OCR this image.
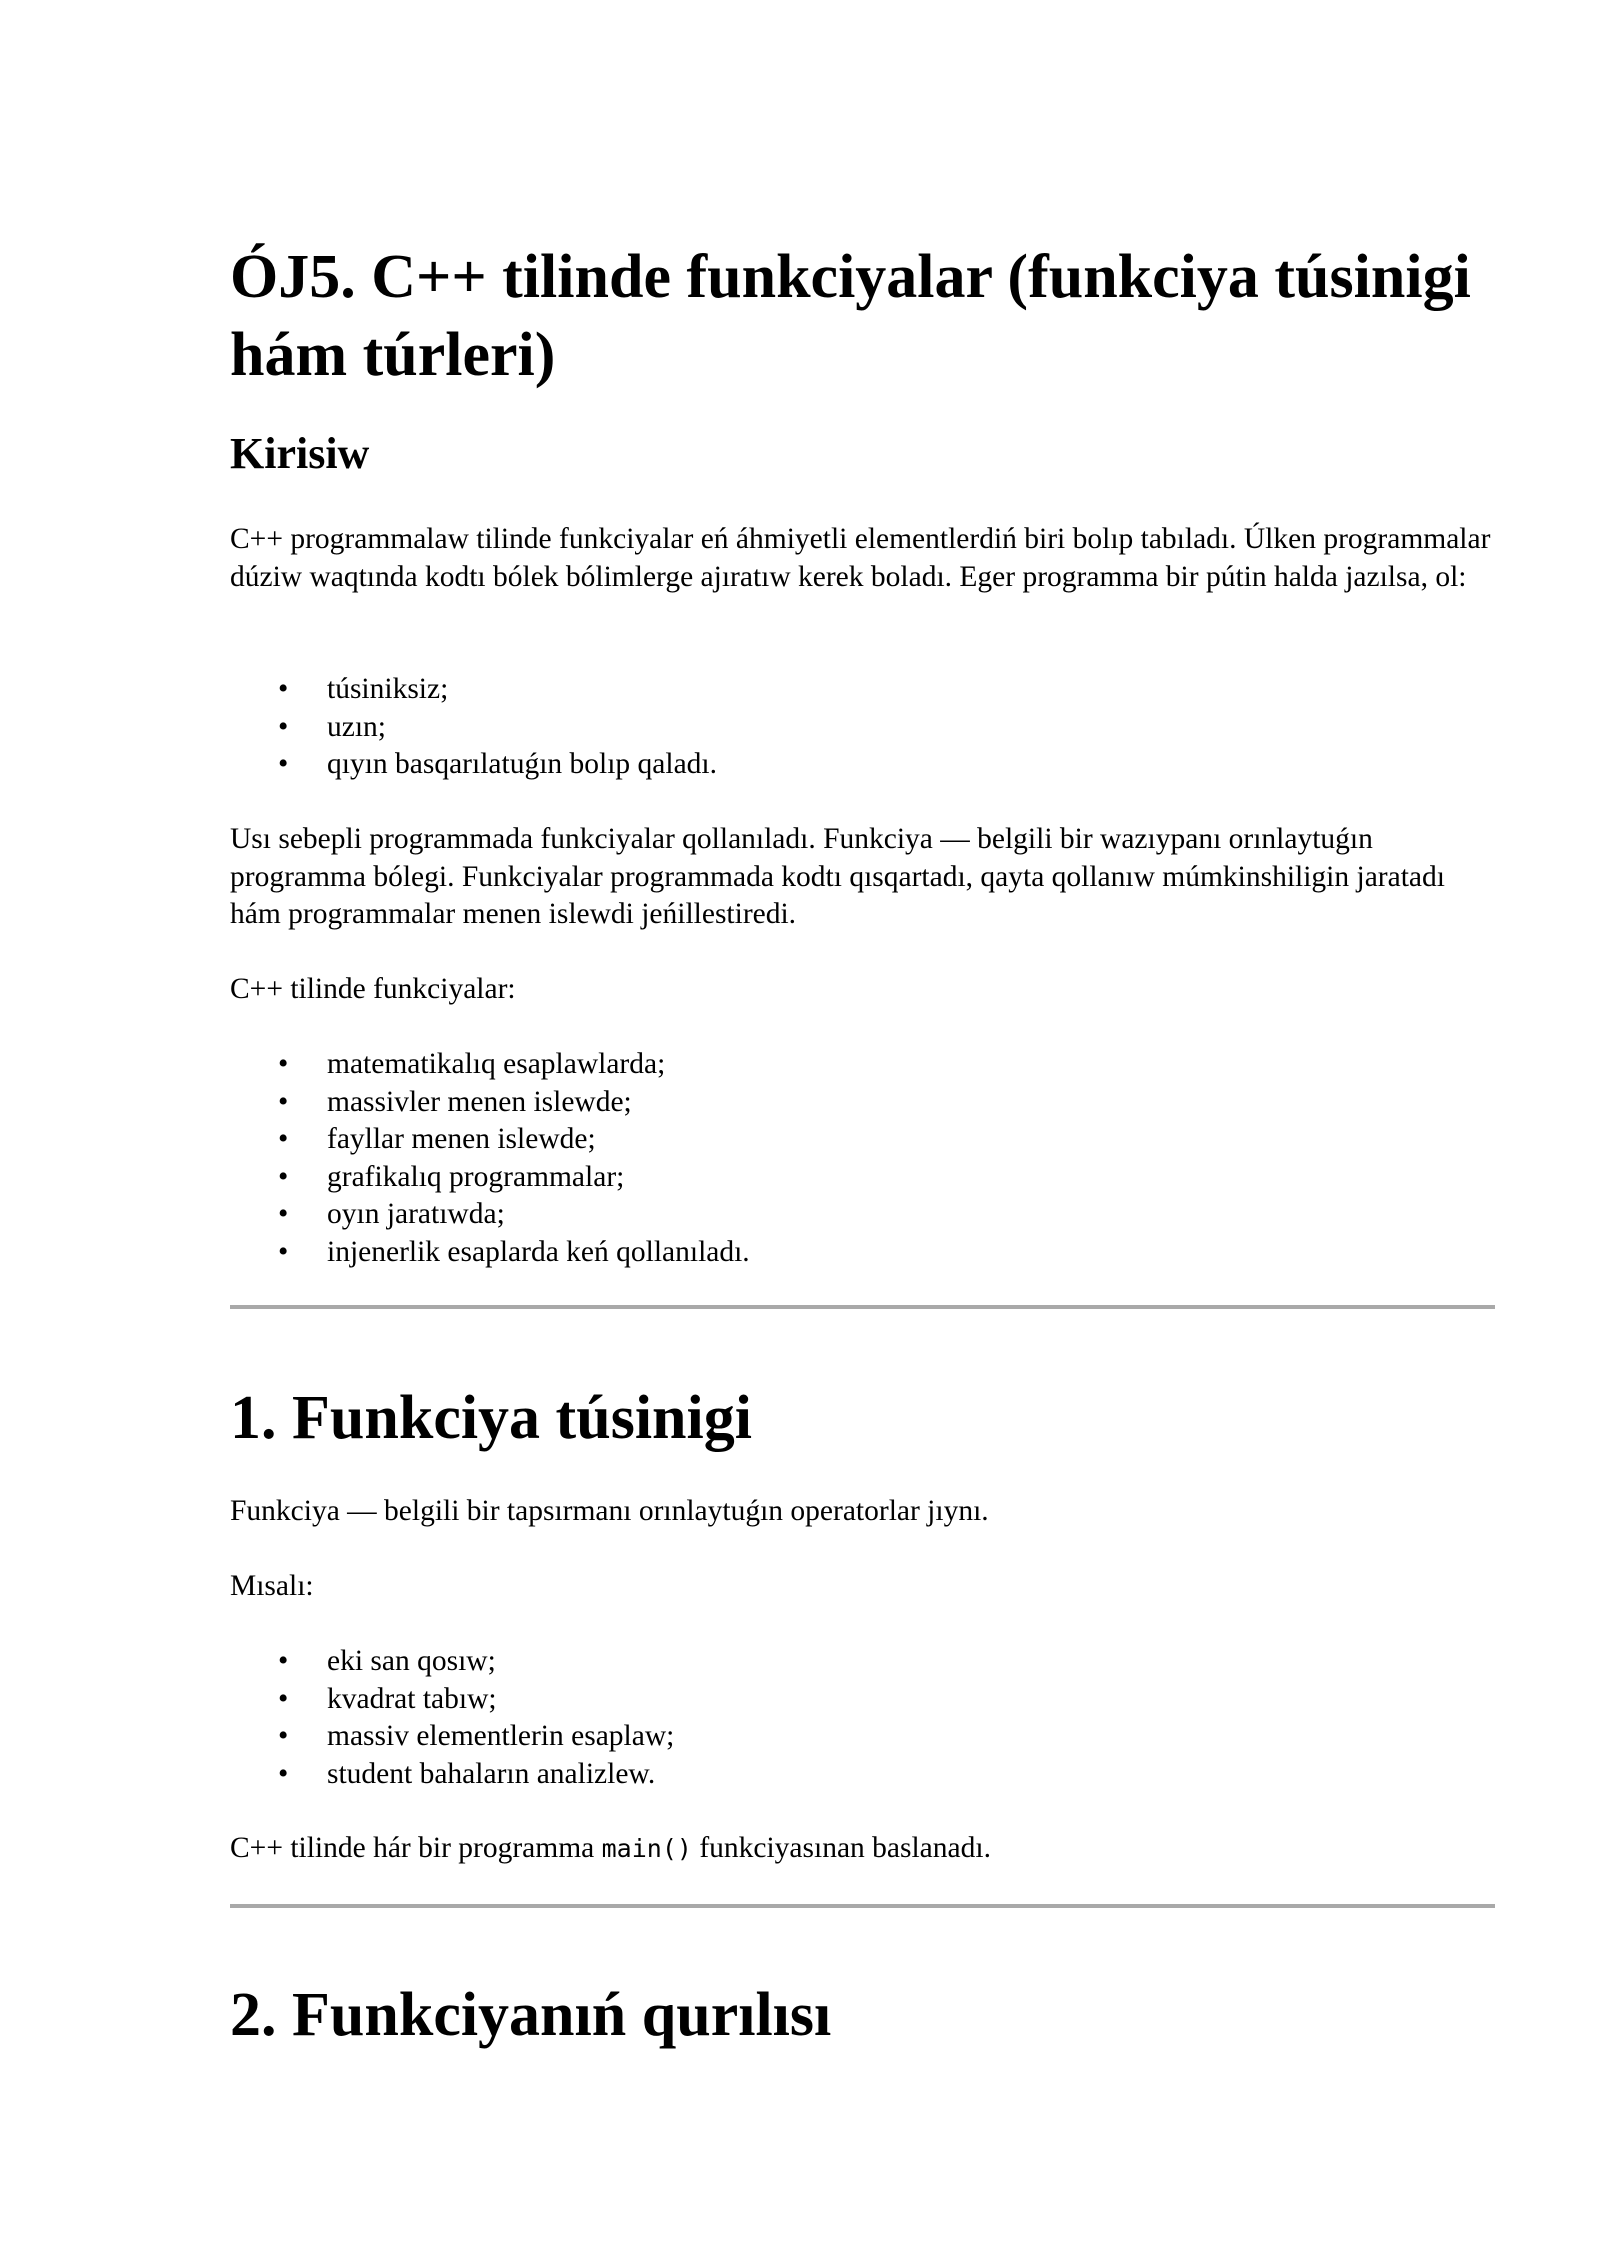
ÓJ5. C++ tilinde funkciyalar (funkciya túsinigi hám túrleri)
Kirisiw

C++ programmalaw tilinde funkciyalar eń áhmiyetli elementlerdiń biri bolıp tabıladı. Úlken programmalar dúziw waqtında kodtı bólek bólimlerge ajıratıw kerek boladı. Eger programma bir pútin halda jazılsa, ol:

• túsiniksiz;
• uzın;
• qıyın basqarılatuǵın bolıp qaladı.

Usı sebepli programmada funkciyalar qollanıladı. Funkciya — belgili bir wazıypanı orınlaytuǵın programma bólegi. Funkciyalar programmada kodtı qısqartadı, qayta qollanıw múmkinshiligin jaratadı hám programmalar menen islewdi jeńillestiredi.

C++ tilinde funkciyalar:

• matematikalıq esaplawlarda;
• massivler menen islewde;
• fayllar menen islewde;
• grafikalıq programmalar;
• oyın jaratıwda;
• injenerlik esaplarda keń qollanıladı.
1. Funkciya túsinigi

Funkciya — belgili bir tapsırmanı orınlaytuǵın operatorlar jıynı.

Mısalı:

• eki san qosıw;
• kvadrat tabıw;
• massiv elementlerin esaplaw;
• student bahaların analizlew.

C++ tilinde hár bir programma main() funkciyasınan baslanadı.

2. Funkciyanıń qurılısı
